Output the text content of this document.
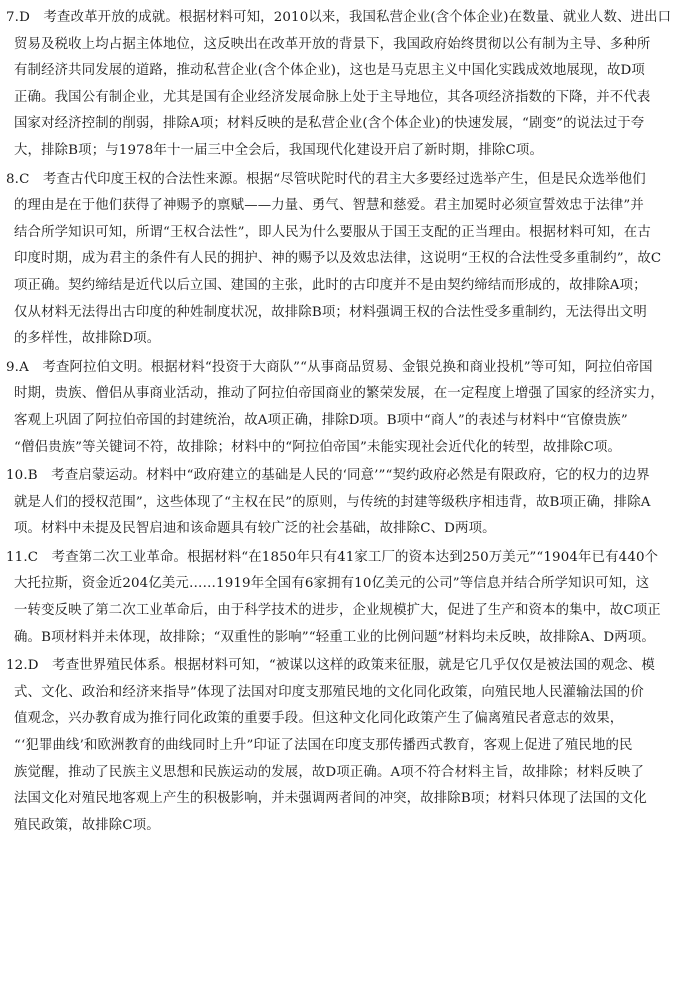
7.D　考查改革开放的成就。根据材料可知，2010以来，我国私营企业(含个体企业)在数量、就业人数、进出口

贸易及税收上均占据主体地位，这反映出在改革开放的背景下，我国政府始终贯彻以公有制为主导、多种所

有制经济共同发展的道路，推动私营企业(含个体企业)，这也是马克思主义中国化实践成效地展现，故D项

正确。我国公有制企业，尤其是国有企业经济发展命脉上处于主导地位，其各项经济指数的下降，并不代表

国家对经济控制的削弱，排除A项；材料反映的是私营企业(含个体企业)的快速发展，“剧变”的说法过于夸

大，排除B项；与1978年十一届三中全会后，我国现代化建设开启了新时期，排除C项。

8.C　考查古代印度王权的合法性来源。根据“尽管吠陀时代的君主大多要经过选举产生，但是民众选举他们

的理由是在于他们获得了神赐予的禀赋——力量、勇气、智慧和慈爱。君主加冕时必须宣誓效忠于法律”并

结合所学知识可知，所谓“王权合法性”，即人民为什么要服从于国王支配的正当理由。根据材料可知，在古

印度时期，成为君主的条件有人民的拥护、神的赐予以及效忠法律，这说明“王权的合法性受多重制约”，故C

项正确。契约缔结是近代以后立国、建国的主张，此时的古印度并不是由契约缔结而形成的，故排除A项；

仅从材料无法得出古印度的种姓制度状况，故排除B项；材料强调王权的合法性受多重制约，无法得出文明

的多样性，故排除D项。

9.A　考查阿拉伯文明。根据材料“投资于大商队”“从事商品贸易、金银兑换和商业投机”等可知，阿拉伯帝国

时期，贵族、僧侣从事商业活动，推动了阿拉伯帝国商业的繁荣发展，在一定程度上增强了国家的经济实力，

客观上巩固了阿拉伯帝国的封建统治，故A项正确，排除D项。B项中“商人”的表述与材料中“官僚贵族”

“僧侣贵族”等关键词不符，故排除；材料中的“阿拉伯帝国”未能实现社会近代化的转型，故排除C项。

10.B　考查启蒙运动。材料中“政府建立的基础是人民的‘同意’”“契约政府必然是有限政府，它的权力的边界

就是人们的授权范围”，这些体现了“主权在民”的原则，与传统的封建等级秩序相违背，故B项正确，排除A

项。材料中未提及民智启迪和该命题具有较广泛的社会基础，故排除C、D两项。

11.C　考查第二次工业革命。根据材料“在1850年只有41家工厂的资本达到250万美元”“1904年已有440个

大托拉斯，资金近204亿美元……1919年全国有6家拥有10亿美元的公司”等信息并结合所学知识可知，这

一转变反映了第二次工业革命后，由于科学技术的进步，企业规模扩大，促进了生产和资本的集中，故C项正

确。B项材料并未体现，故排除；“双重性的影响”“轻重工业的比例问题”材料均未反映，故排除A、D两项。

12.D　考查世界殖民体系。根据材料可知，“被谋以这样的政策来征服，就是它几乎仅仅是被法国的观念、模

式、文化、政治和经济来指导”体现了法国对印度支那殖民地的文化同化政策，向殖民地人民灌输法国的价

值观念，兴办教育成为推行同化政策的重要手段。但这种文化同化政策产生了偏离殖民者意志的效果，

“‘犯罪曲线’和欧洲教育的曲线同时上升”印证了法国在印度支那传播西式教育，客观上促进了殖民地的民

族觉醒，推动了民族主义思想和民族运动的发展，故D项正确。A项不符合材料主旨，故排除；材料反映了

法国文化对殖民地客观上产生的积极影响，并未强调两者间的冲突，故排除B项；材料只体现了法国的文化

殖民政策，故排除C项。
